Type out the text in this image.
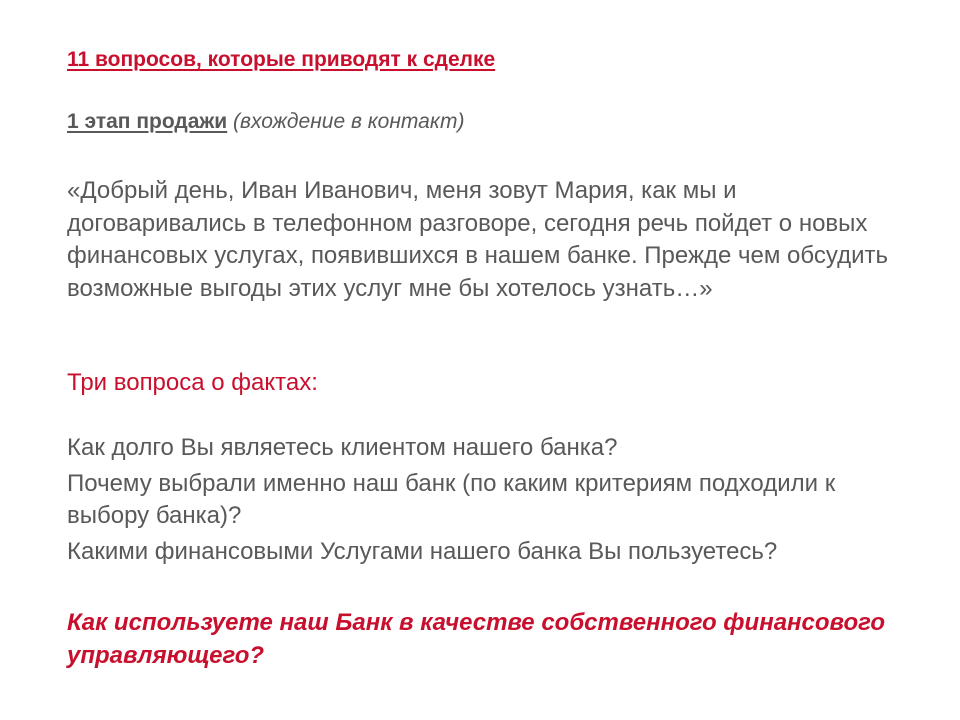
11 вопросов, которые приводят к сделке

1 этап продажи (вхождение в контакт)

«Добрый день, Иван Иванович, меня зовут Мария, как мы и договаривались в телефонном разговоре, сегодня речь пойдет о новых финансовых услугах, появившихся в нашем банке. Прежде чем обсудить возможные выгоды этих услуг мне бы хотелось узнать…»

Три вопроса о фактах:

Как долго Вы являетесь клиентом нашего банка?
Почему выбрали именно наш банк (по каким критериям подходили к выбору банка)?
Какими финансовыми Услугами нашего банка Вы пользуетесь?

Как используете наш Банк в качестве собственного финансового управляющего?
